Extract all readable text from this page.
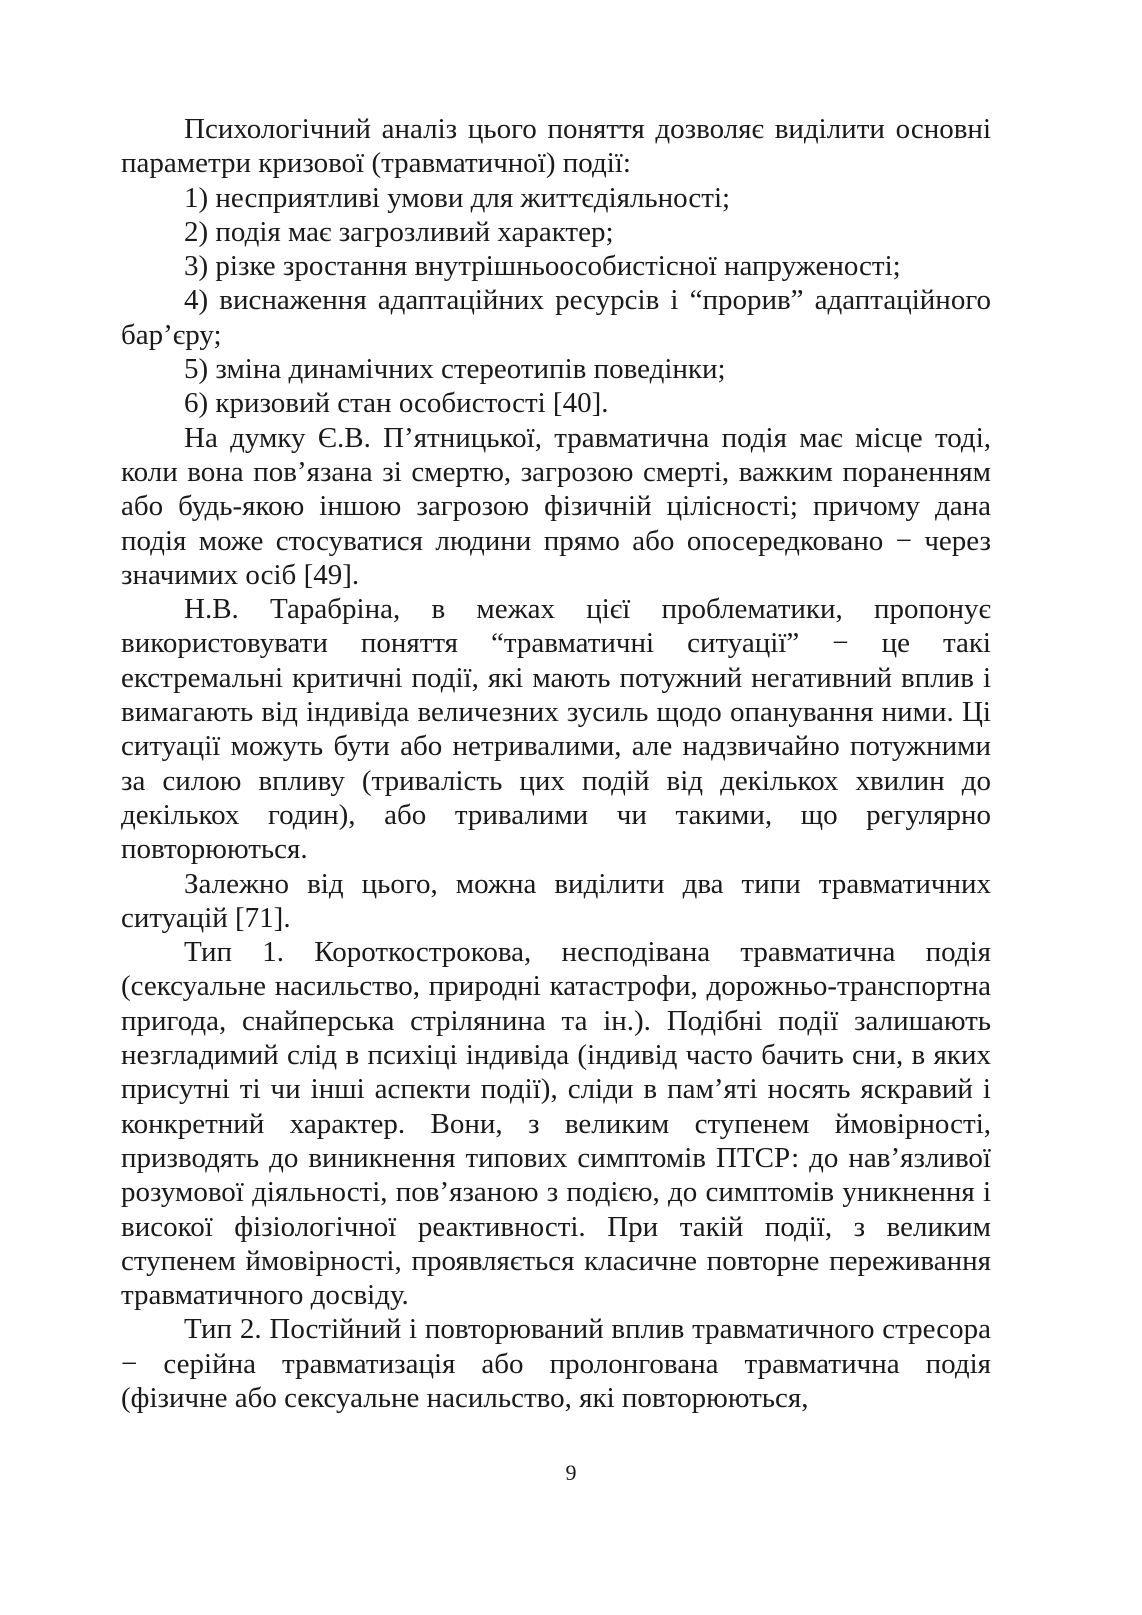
Психологічний аналіз цього поняття дозволяє виділити основні параметри кризової (травматичної) події:

1) несприятливі умови для життєдіяльності;

2) подія має загрозливий характер;

3) різке зростання внутрішньоособистісної напруженості;

4) виснаження адаптаційних ресурсів і “прорив” адаптаційного бар’єру;

5) зміна динамічних стереотипів поведінки;

6) кризовий стан особистості [40].

На думку Є.В. П’ятницької, травматична подія має місце тоді, коли вона пов’язана зі смертю, загрозою смерті, важким пораненням або будь-якою іншою загрозою фізичній цілісності; причому дана подія може стосуватися людини прямо або опосередковано − через значимих осіб [49].

Н.В. Тарабріна, в межах цієї проблематики, пропонує використовувати поняття “травматичні ситуації” − це такі екстремальні критичні події, які мають потужний негативний вплив і вимагають від індивіда величезних зусиль щодо опанування ними. Ці ситуації можуть бути або нетривалими, але надзвичайно потужними за силою впливу (тривалість цих подій від декількох хвилин до декількох годин), або тривалими чи такими, що регулярно повторюються.

Залежно від цього, можна виділити два типи травматичних ситуацій [71].

Тип 1. Короткострокова, несподівана травматична подія (сексуальне насильство, природні катастрофи, дорожньо-транспортна пригода, снайперська стрілянина та ін.). Подібні події залишають незгладимий слід в психіці індивіда (індивід часто бачить сни, в яких присутні ті чи інші аспекти події), сліди в пам’яті носять яскравий і конкретний характер. Вони, з великим ступенем ймовірності, призводять до виникнення типових симптомів ПТСР: до нав’язливої розумової діяльності, пов’язаною з подією, до симптомів уникнення і високої фізіологічної реактивності. При такій події, з великим ступенем ймовірності, проявляється класичне повторне переживання травматичного досвіду.

Тип 2. Постійний і повторюваний вплив травматичного стресора − серійна травматизація або пролонгована травматична подія (фізичне або сексуальне насильство, які повторюються,

9
